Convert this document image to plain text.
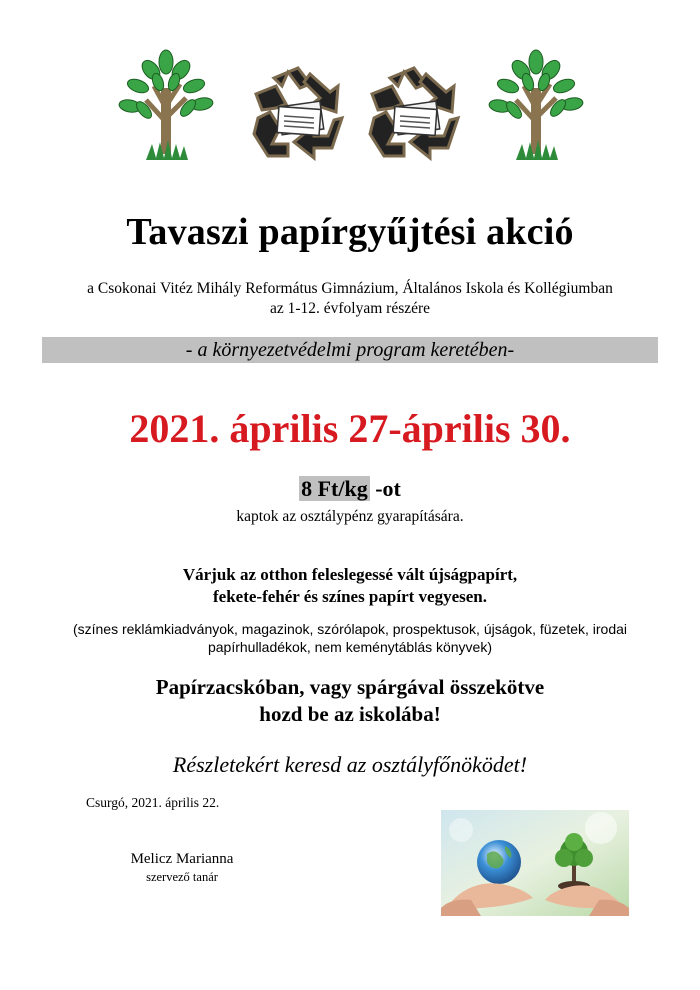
Tavaszi papírgyűjtési akció
a Csokonai Vitéz Mihály Református Gimnázium, Általános Iskola és Kollégiumban
az 1-12. évfolyam részére
- a környezetvédelmi program keretében-
2021. április 27-április 30.
8 Ft/kg -ot
kaptok az osztálypénz gyarapítására.
Várjuk az otthon feleslegessé vált újságpapírt,
fekete-fehér és színes papírt vegyesen.
(színes reklámkiadványok, magazinok, szórólapok, prospektusok, újságok, füzetek, irodai
papírhulladékok, nem keménytáblás könyvek)
Papírzacskóban, vagy spárgával összekötve
hozd be az iskolába!
Részletekért keresd az osztályfőnöködet!
Csurgó, 2021. április 22.
Melicz Marianna
szervező tanár
